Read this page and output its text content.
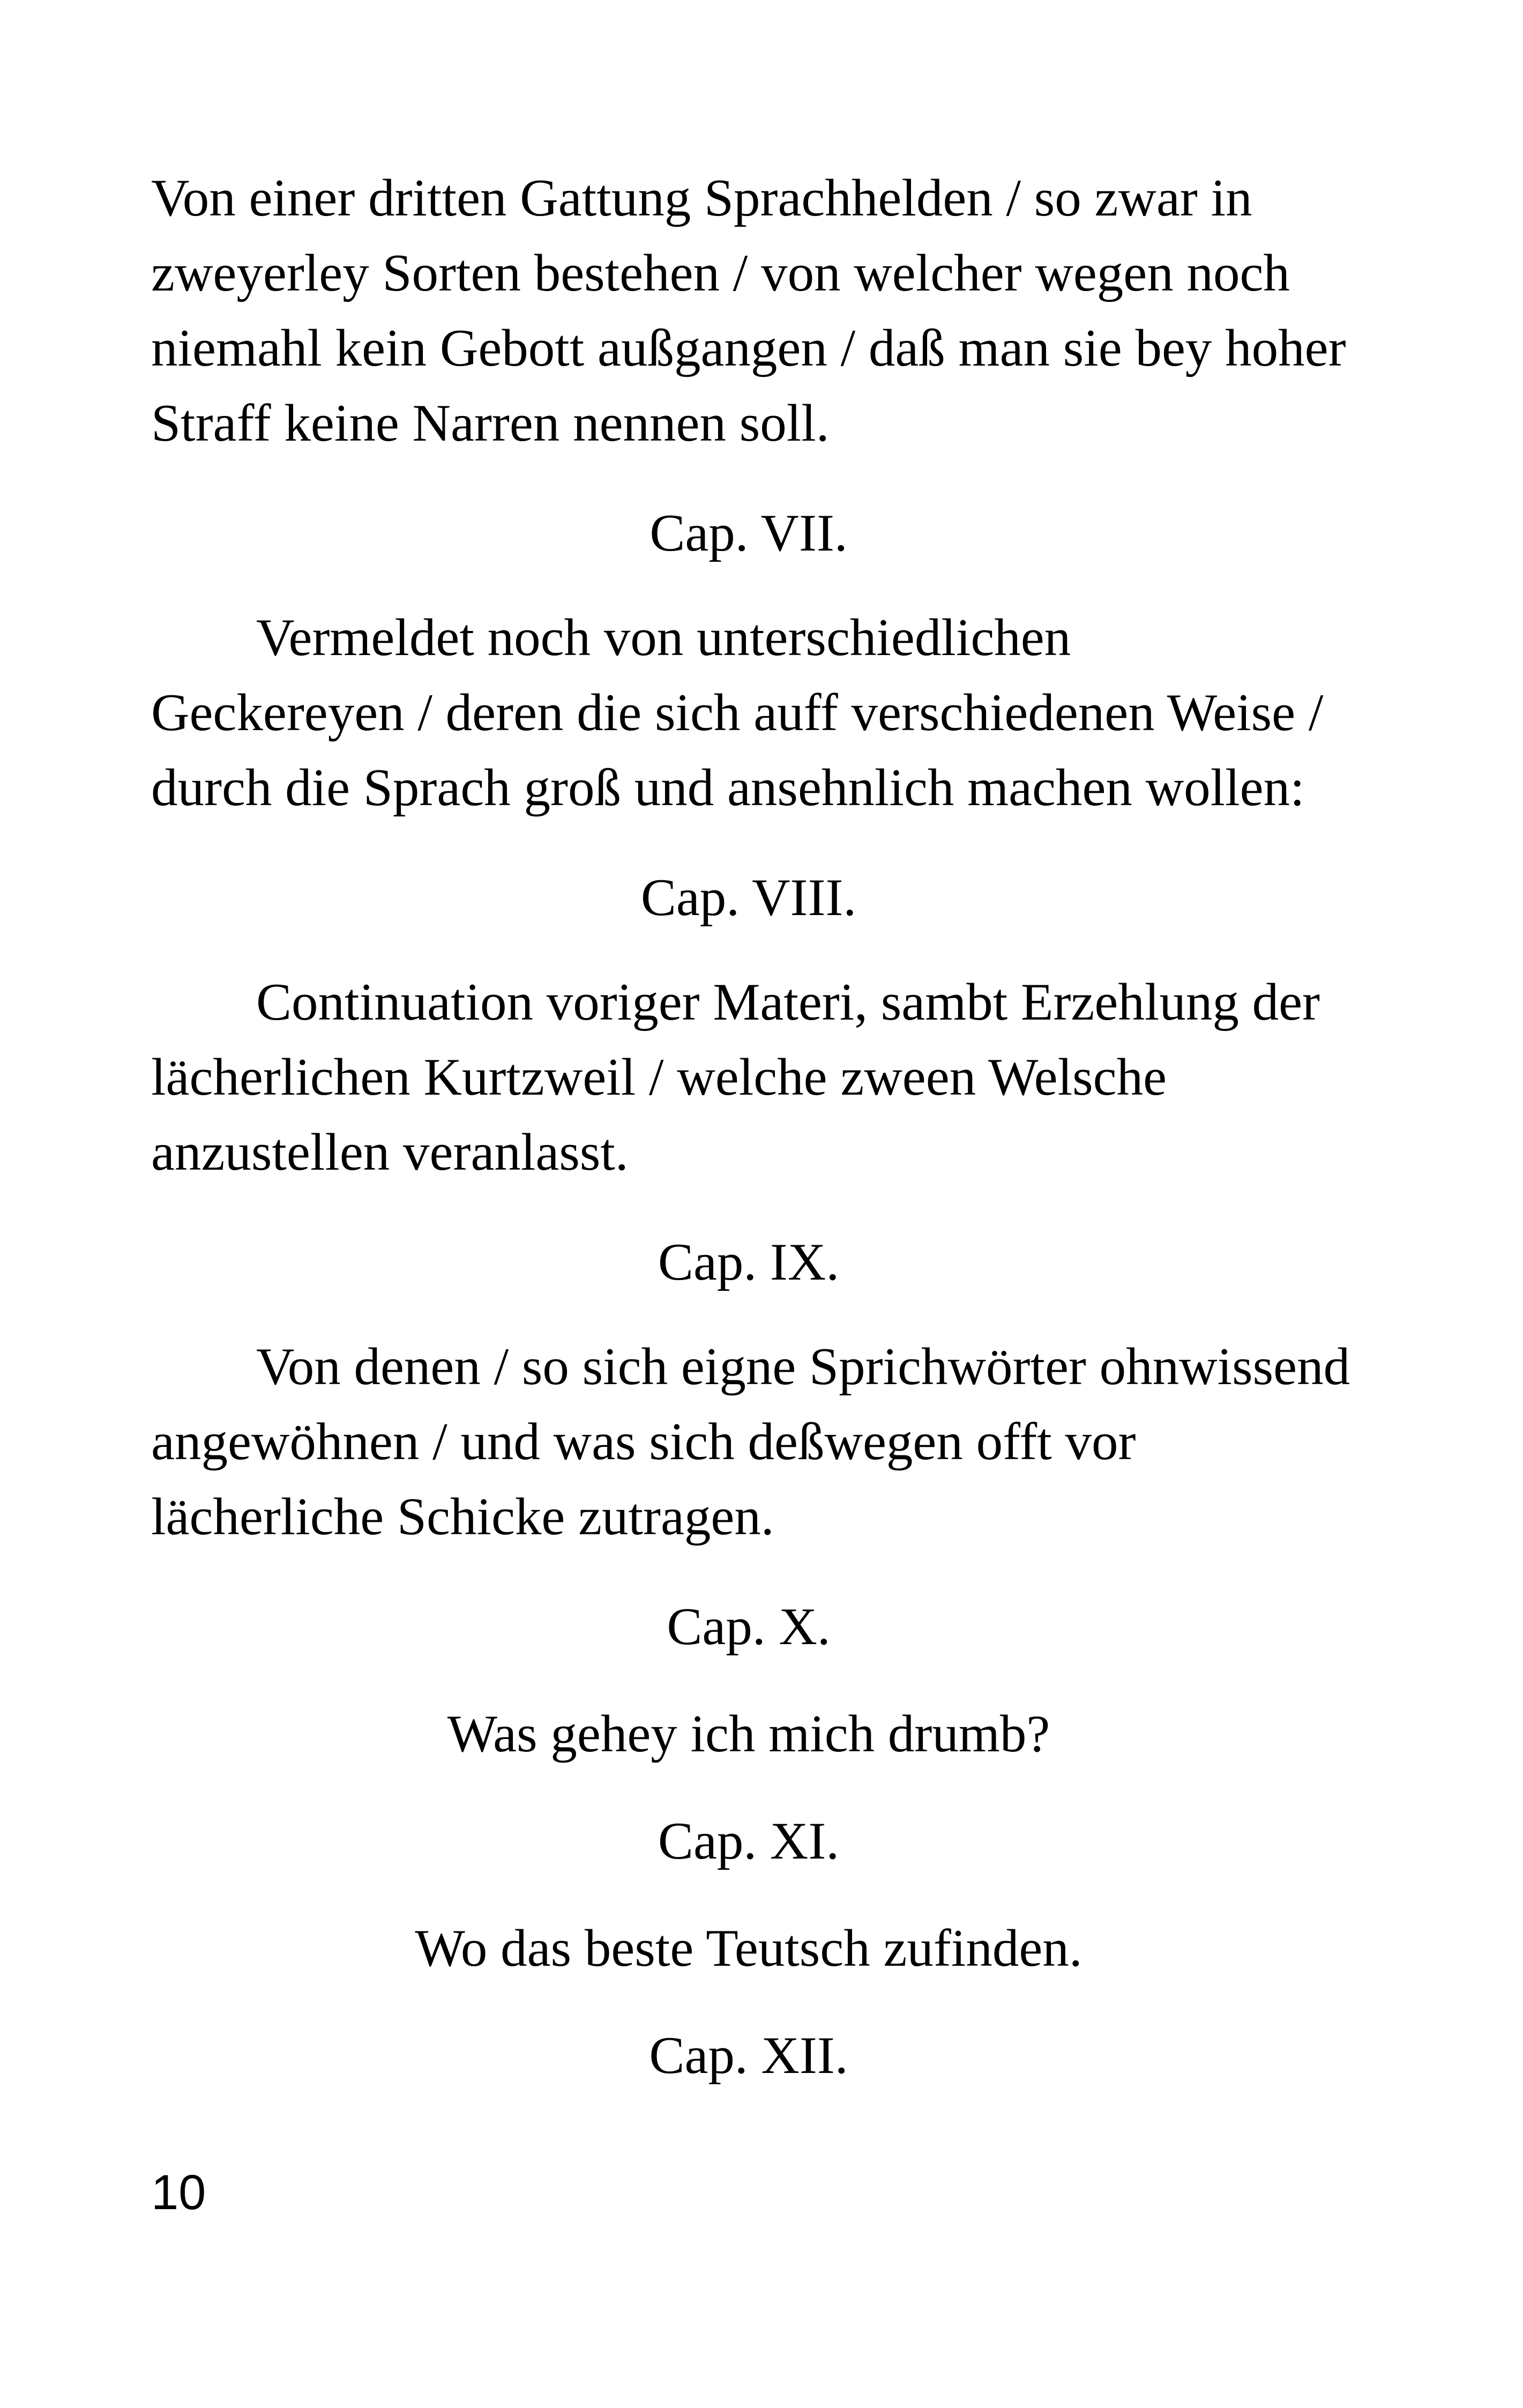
Von einer dritten Gattung Sprachhelden / so zwar in
zweyerley Sorten bestehen / von welcher wegen noch
niemahl kein Gebott außgangen / daß man sie bey hoher
Straff keine Narren nennen soll.

Cap. VII.

Vermeldet noch von unterschiedlichen
Geckereyen / deren die sich auff verschiedenen Weise /
durch die Sprach groß und ansehnlich machen wollen:

Cap. VIII.

Continuation voriger Materi, sambt Erzehlung der
lächerlichen Kurtzweil / welche zween Welsche
anzustellen veranlasst.

Cap. IX.

Von denen / so sich eigne Sprichwörter ohnwissend
angewöhnen / und was sich deßwegen offt vor
lächerliche Schicke zutragen.

Cap. X.

Was gehey ich mich drumb?

Cap. XI.

Wo das beste Teutsch zufinden.

Cap. XII.

10
